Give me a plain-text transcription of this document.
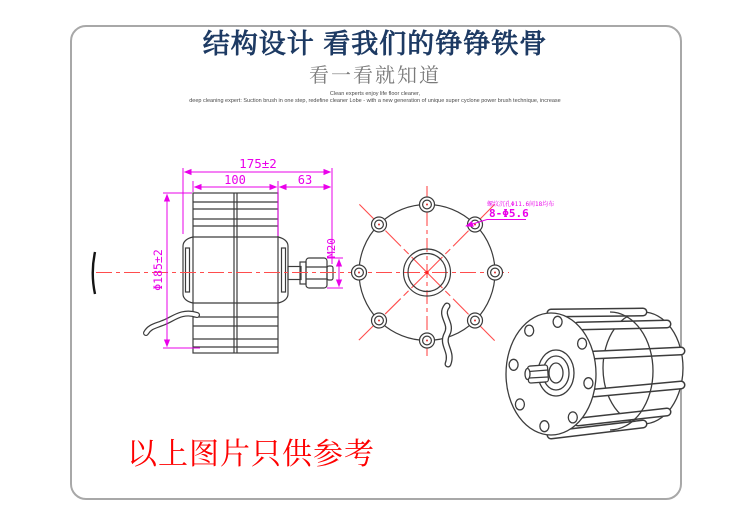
结构设计 看我们的铮铮铁骨
看一看就知道
Clean experts enjoy life floor cleaner,
deep cleaning expert: Suction brush in one step, redefine cleaner Lobe - with a new generation of unique super cyclone power brush technique, increase
175±2
100	63
Φ185±2
M20
螺纹沉孔Φ11.6间18均布
8-Φ5.6
以上图片只供参考
